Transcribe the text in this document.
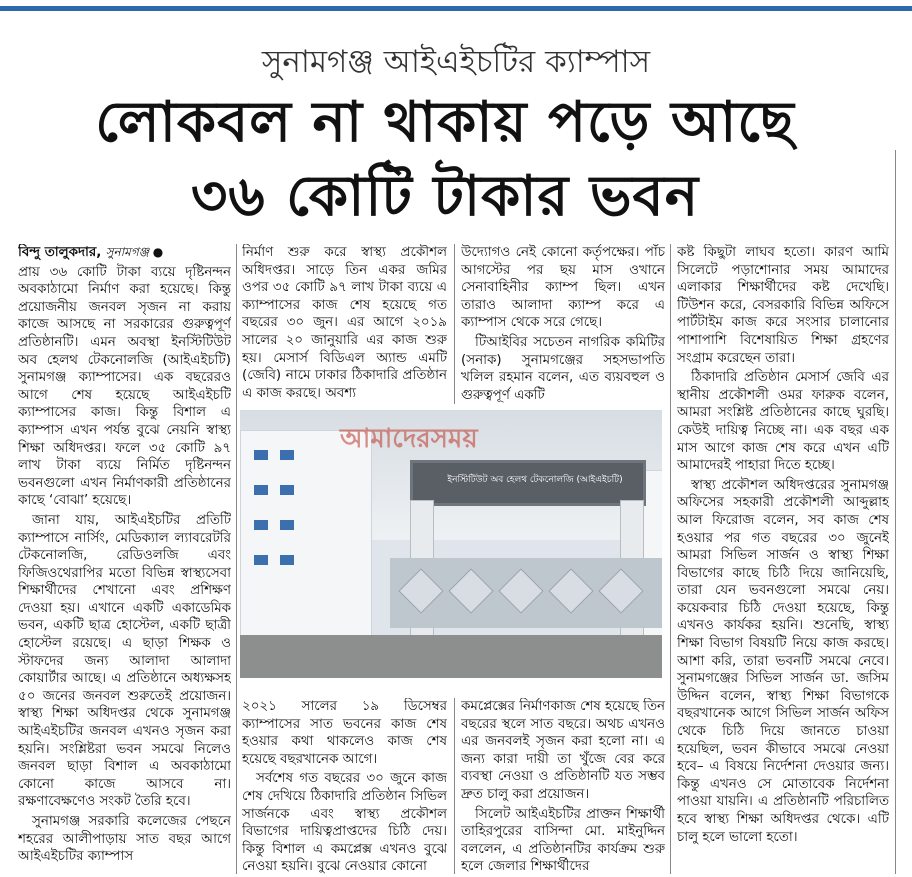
সুনামগঞ্জ আইএইচটির ক্যাম্পাস
লোকবল না থাকায় পড়ে আছে
৩৬ কোটি টাকার ভবন

বিন্দু তালুকদার, সুনামগঞ্জ ●

প্রায় ৩৬ কোটি টাকা ব্যয়ে দৃষ্টিনন্দন অবকাঠামো নির্মাণ করা হয়েছে। কিন্তু প্রয়োজনীয় জনবল সৃজন না করায় কাজে আসছে না সরকারের গুরুত্বপূর্ণ প্রতিষ্ঠানটি। এমন অবস্থা ইনস্টিটিউট অব হেলথ টেকনোলজি (আইএইচটি) সুনামগঞ্জ ক্যাম্পাসের। এক বছরেরও আগে শেষ হয়েছে আইএইচটি ক্যাম্পাসের কাজ। কিন্তু বিশাল এ ক্যাম্পাস এখন পর্যন্ত বুঝে নেয়নি স্বাস্থ্য শিক্ষা অধিদপ্তর। ফলে ৩৫ কোটি ৯৭ লাখ টাকা ব্যয়ে নির্মিত দৃষ্টিনন্দন ভবনগুলো এখন নির্মাণকারী প্রতিষ্ঠানের কাছে ‘বোঝা’ হয়েছে।

জানা যায়, আইএইচটির প্রতিটি ক্যাম্পাসে নার্সিং, মেডিক্যাল ল্যাবরেটরি টেকনোলজি, রেডিওলজি এবং ফিজিওথেরাপির মতো বিভিন্ন স্বাস্থ্যসেবা শিক্ষার্থীদের শেখানো এবং প্রশিক্ষণ দেওয়া হয়। এখানে একটি একাডেমিক ভবন, একটি ছাত্র হোস্টেল, একটি ছাত্রী হোস্টেল রয়েছে। এ ছাড়া শিক্ষক ও স্টাফদের জন্য আলাদা আলাদা কোয়ার্টার আছে। এ প্রতিষ্ঠানে অধ্যক্ষসহ ৫০ জনের জনবল শুরুতেই প্রয়োজন। স্বাস্থ্য শিক্ষা অধিদপ্তর থেকে সুনামগঞ্জ আইএইচটির জনবল এখনও সৃজন করা হয়নি। সংশ্লিষ্টরা ভবন সমঝে নিলেও জনবল ছাড়া বিশাল এ অবকাঠামো কোনো কাজে আসবে না। রক্ষণাবেক্ষণেও সংকট তৈরি হবে।

সুনামগঞ্জ সরকারি কলেজের পেছনে শহরের আলীপাড়ায় সাত বছর আগে আইএইচটির ক্যাম্পাস

নির্মাণ শুরু করে স্বাস্থ্য প্রকৌশল অধিদপ্তর। সাড়ে তিন একর জমির ওপর ৩৫ কোটি ৯৭ লাখ টাকা ব্যয়ে এ ক্যাম্পাসের কাজ শেষ হয়েছে গত বছরের ৩০ জুন। এর আগে ২০১৯ সালের ২০ জানুয়ারি এর কাজ শুরু হয়। মেসার্স বিডিএল অ্যান্ড এমটি (জেবি) নামে ঢাকার ঠিকাদারি প্রতিষ্ঠান এ কাজ করছে। অবশ্য

উদ্যোগও নেই কোনো কর্তৃপক্ষের। পাঁচ আগস্টের পর ছয় মাস ওখানে সেনাবাহিনীর ক্যাম্প ছিল। এখন তারাও আলাদা ক্যাম্প করে এ ক্যাম্পাস থেকে সরে গেছে।

টিআইবির সচেতন নাগরিক কমিটির (সনাক) সুনামগঞ্জের সহসভাপতি খলিল রহমান বলেন, এত ব্যয়বহুল ও গুরুত্বপূর্ণ একটি

ইনস্টিটিউট অব হেলথ টেকনোলজি (আইএইচটি)
আমাদেরসময়

২০২১ সালের ১৯ ডিসেম্বর ক্যাম্পাসের সাত ভবনের কাজ শেষ হওয়ার কথা থাকলেও কাজ শেষ হয়েছে বছরখানেক আগে।

সর্বশেষ গত বছরের ৩০ জুনে কাজ শেষ দেখিয়ে ঠিকাদারি প্রতিষ্ঠান সিভিল সার্জনকে এবং স্বাস্থ্য প্রকৌশল বিভাগের দায়িত্বপ্রাপ্তদের চিঠি দেয়। কিন্তু বিশাল এ কমপ্লেক্স এখনও বুঝে নেওয়া হয়নি। বুঝে নেওয়ার কোনো

কমপ্লেক্সের নির্মাণকাজ শেষ হয়েছে তিন বছরের স্থলে সাত বছরে। অথচ এখনও এর জনবলই সৃজন করা হলো না। এ জন্য কারা দায়ী তা খুঁজে বের করে ব্যবস্থা নেওয়া ও প্রতিষ্ঠানটি যত সম্ভব দ্রুত চালু করা প্রয়োজন।

সিলেট আইএইচটির প্রাক্তন শিক্ষার্থী তাহিরপুরের বাসিন্দা মো. মাইনুদ্দিন বললেন, এ প্রতিষ্ঠানটির কার্যক্রম শুরু হলে জেলার শিক্ষার্থীদের

কষ্ট কিছুটা লাঘব হতো। কারণ আমি সিলেটে পড়াশোনার সময় আমাদের এলাকার শিক্ষার্থীদের কষ্ট দেখেছি। টিউশন করে, বেসরকারি বিভিন্ন অফিসে পার্টটাইম কাজ করে সংসার চালানোর পাশাপাশি বিশেষায়িত শিক্ষা গ্রহণের সংগ্রাম করেছেন তারা।

ঠিকাদারি প্রতিষ্ঠান মেসার্স জেবি এর স্থানীয় প্রকৌশলী ওমর ফারুক বলেন, আমরা সংশ্লিষ্ট প্রতিষ্ঠানের কাছে ঘুরছি। কেউই দায়িত্ব নিচ্ছে না। এক বছর এক মাস আগে কাজ শেষ করে এখন এটি আমাদেরই পাহারা দিতে হচ্ছে।

স্বাস্থ্য প্রকৌশল অধিদপ্তরের সুনামগঞ্জ অফিসের সহকারী প্রকৌশলী আব্দুল্লাহ আল ফিরোজ বলেন, সব কাজ শেষ হওয়ার পর গত বছরের ৩০ জুনেই আমরা সিভিল সার্জন ও স্বাস্থ্য শিক্ষা বিভাগের কাছে চিঠি দিয়ে জানিয়েছি, তারা যেন ভবনগুলো সমঝে নেয়। কয়েকবার চিঠি দেওয়া হয়েছে, কিন্তু এখনও কার্যকর হয়নি। শুনেছি, স্বাস্থ্য শিক্ষা বিভাগ বিষয়টি নিয়ে কাজ করছে। আশা করি, তারা ভবনটি সমঝে নেবে। সুনামগঞ্জের সিভিল সার্জন ডা. জসিম উদ্দিন বলেন, স্বাস্থ্য শিক্ষা বিভাগকে বছরখানেক আগে সিভিল সার্জন অফিস থেকে চিঠি দিয়ে জানতে চাওয়া হয়েছিল, ভবন কীভাবে সমঝে নেওয়া হবে– এ বিষয়ে নির্দেশনা দেওয়ার জন্য। কিন্তু এখনও সে মোতাবেক নির্দেশনা পাওয়া যায়নি। এ প্রতিষ্ঠানটি পরিচালিত হবে স্বাস্থ্য শিক্ষা অধিদপ্তর থেকে। এটি চালু হলে ভালো হতো।
